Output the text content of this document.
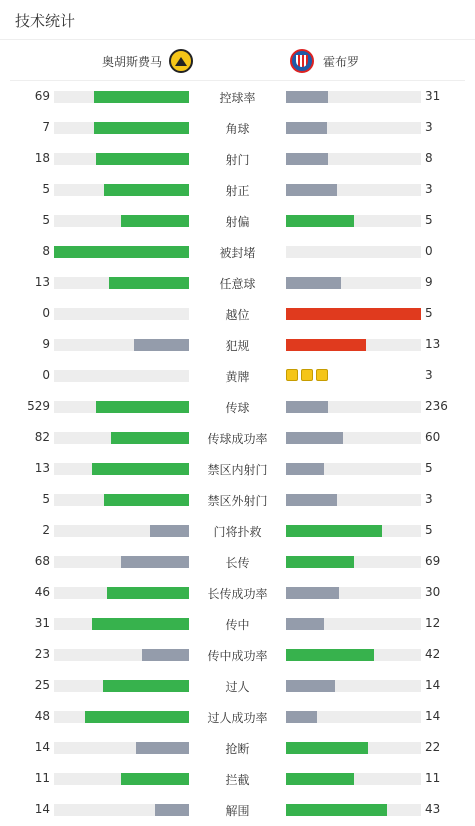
技术统计
奥胡斯费马	霍布罗
69	控球率	31
7	角球	3
18	射门	8
5	射正	3
5	射偏	5
8	被封堵	0
13	任意球	9
0	越位	5
9	犯规	13
0	黄牌	3
529	传球	236
82	传球成功率	60
13	禁区内射门	5
5	禁区外射门	3
2	门将扑救	5
68	长传	69
46	长传成功率	30
31	传中	12
23	传中成功率	42
25	过人	14
48	过人成功率	14
14	抢断	22
11	拦截	11
14	解围	43
